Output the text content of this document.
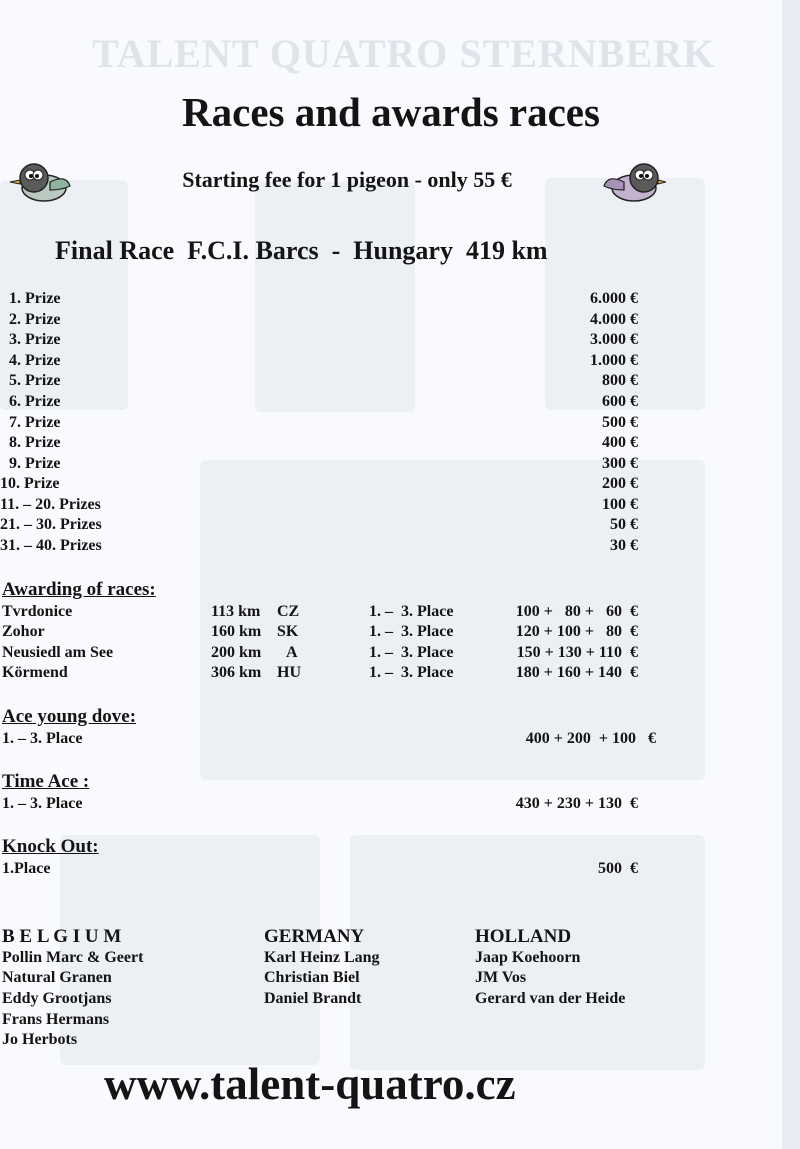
TALENT QUATRO STERNBERK
Races and awards races
Starting fee for 1 pigeon - only 55 €
Final Race  F.C.I. Barcs  -  Hungary  419 km
1. Prize	6.000 €
2. Prize	4.000 €
3. Prize	3.000 €
4. Prize	1.000 €
5. Prize	800 €
6. Prize	600 €
7. Prize	500 €
8. Prize	400 €
9. Prize	300 €
10. Prize	200 €
11. – 20. Prizes	100 €
21. – 30. Prizes	50 €
31. – 40. Prizes	30 €
Awarding of races:
Tvrdonice	113 km CZ	1. –  3. Place	100 +   80 +   60  €
Zohor	160 km SK	1. –  3. Place	120 + 100 +   80  €
Neusiedl am See	200 km A	1. –  3. Place	150 + 130 + 110  €
Körmend	306 km HU	1. –  3. Place	180 + 160 + 140  €
Ace young dove:
1. – 3. Place	400 + 200  + 100   €
Time Ace :
1. – 3. Place	430 + 230 + 130  €
Knock Out:
1.Place	500  €
B E L G I U M
Pollin Marc & Geert
Natural Granen
Eddy Grootjans
Frans Hermans
Jo Herbots
GERMANY
Karl Heinz Lang
Christian Biel
Daniel Brandt
HOLLAND
Jaap Koehoorn
JM Vos
Gerard van der Heide
www.talent-quatro.cz
